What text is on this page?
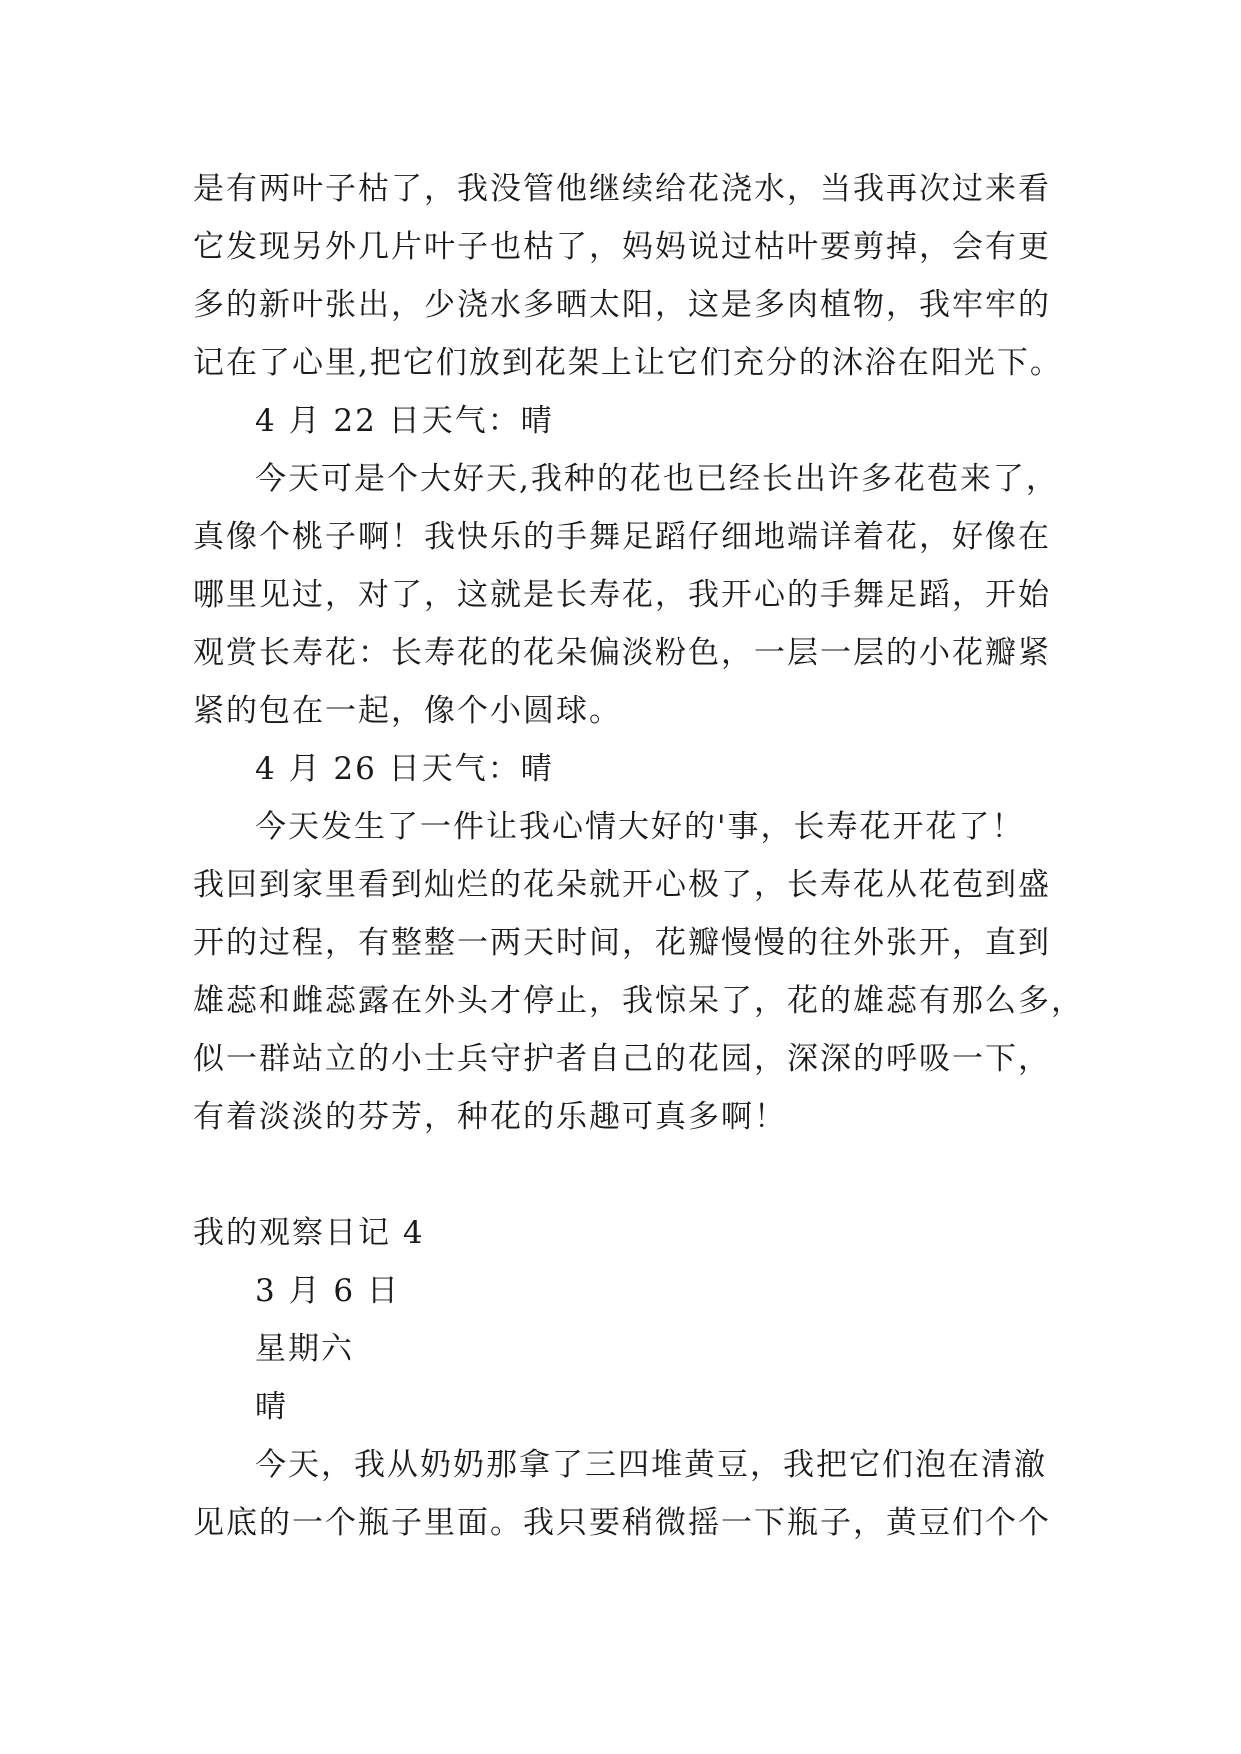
是有两叶子枯了，我没管他继续给花浇水，当我再次过来看
它发现另外几片叶子也枯了，妈妈说过枯叶要剪掉，会有更
多的新叶张出，少浇水多晒太阳，这是多肉植物，我牢牢的
记在了心里,把它们放到花架上让它们充分的沐浴在阳光下。
4 月 22 日天气：晴
今天可是个大好天,我种的花也已经长出许多花苞来了，
真像个桃子啊！我快乐的手舞足蹈仔细地端详着花，好像在
哪里见过，对了，这就是长寿花，我开心的手舞足蹈，开始
观赏长寿花：长寿花的花朵偏淡粉色，一层一层的小花瓣紧
紧的包在一起，像个小圆球。
4 月 26 日天气：晴
今天发生了一件让我心情大好的'事，长寿花开花了！
我回到家里看到灿烂的花朵就开心极了，长寿花从花苞到盛
开的过程，有整整一两天时间，花瓣慢慢的往外张开，直到
雄蕊和雌蕊露在外头才停止，我惊呆了，花的雄蕊有那么多，
似一群站立的小士兵守护者自己的花园，深深的呼吸一下，
有着淡淡的芬芳，种花的乐趣可真多啊！
我的观察日记 4
3 月 6 日
星期六
晴
今天，我从奶奶那拿了三四堆黄豆，我把它们泡在清澈
见底的一个瓶子里面。我只要稍微摇一下瓶子，黄豆们个个
